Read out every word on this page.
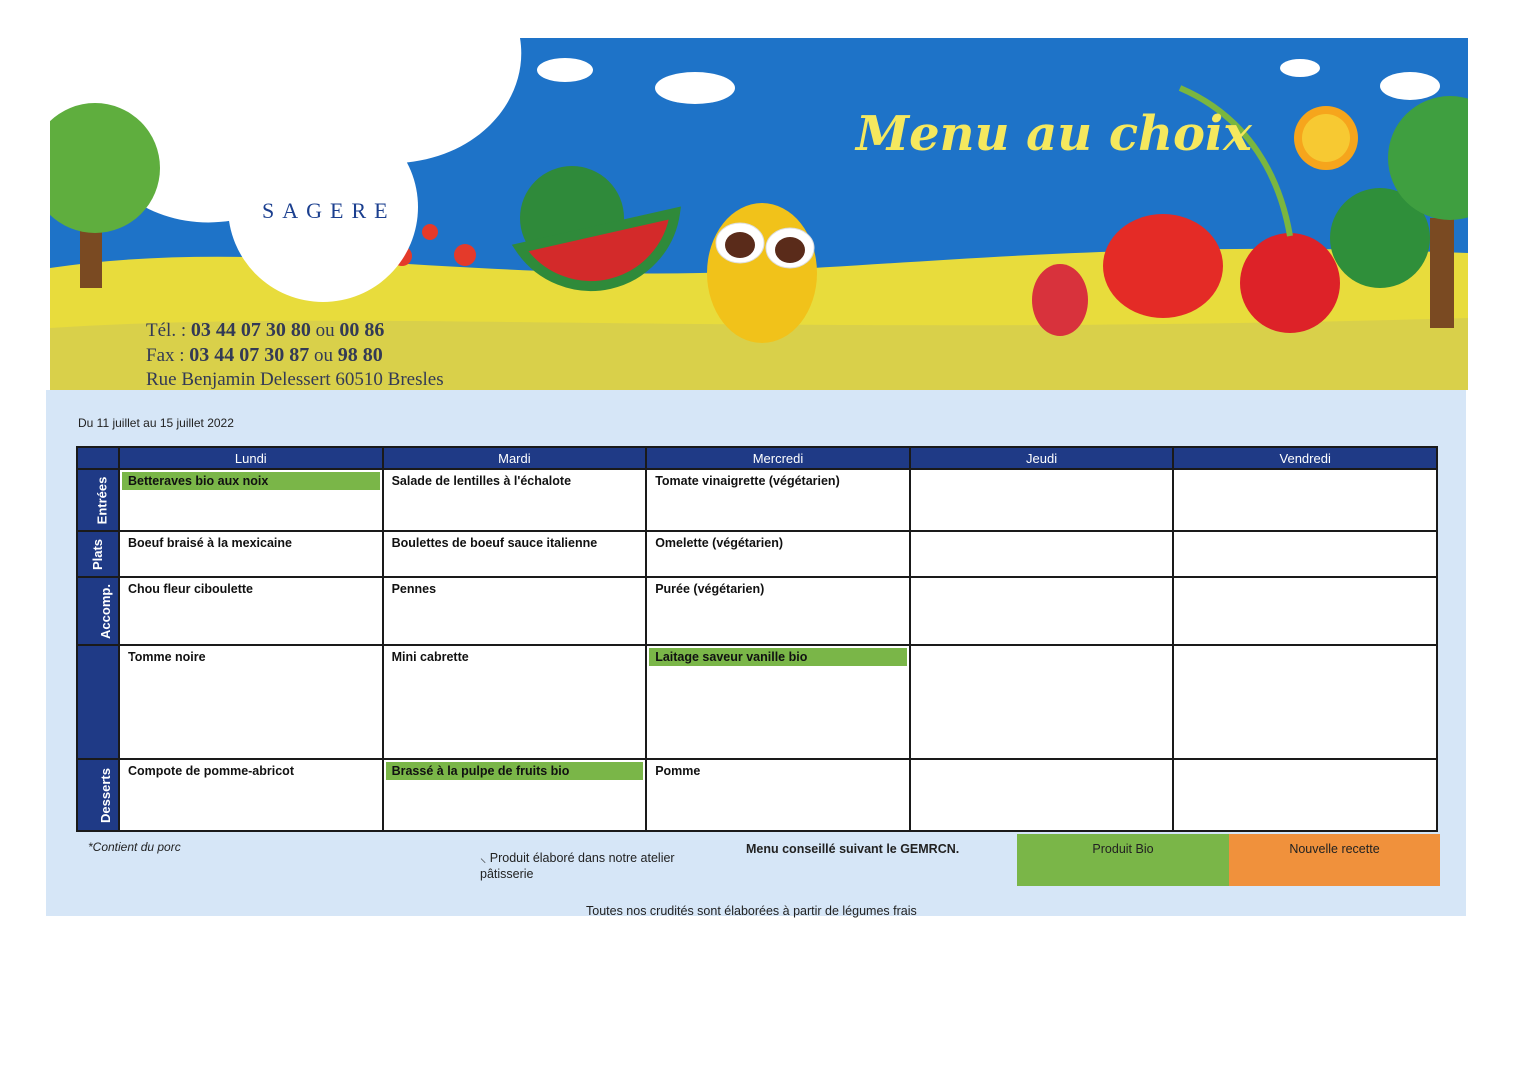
SAGERE
Menu au choix
Tél. : 03 44 07 30 80 ou 00 86
Fax : 03 44 07 30 87 ou 98 80
Rue Benjamin Delessert 60510 Bresles
Du 11 juillet au 15 juillet 2022
	Lundi	Mardi	Mercredi	Jeudi	Vendredi
Entrées	Betteraves bio aux noix	Salade de lentilles à l'échalote	Tomate vinaigrette (végétarien)		
Plats	Boeuf braisé à la mexicaine	Boulettes de boeuf sauce italienne	Omelette (végétarien)		
Accomp.	Chou fleur ciboulette	Pennes	Purée (végétarien)		
Produits laitiers	Tomme noire	Mini cabrette	Laitage saveur vanille bio		

Desserts	Compote de pomme-abricot	Brassé à la pulpe de fruits bio	Pomme		
*Contient du porc
⸜ Produit élaboré dans notre atelier pâtisserie
Menu conseillé suivant le GEMRCN.	Produit Bio	Nouvelle recette
Toutes nos crudités sont élaborées à partir de légumes frais
